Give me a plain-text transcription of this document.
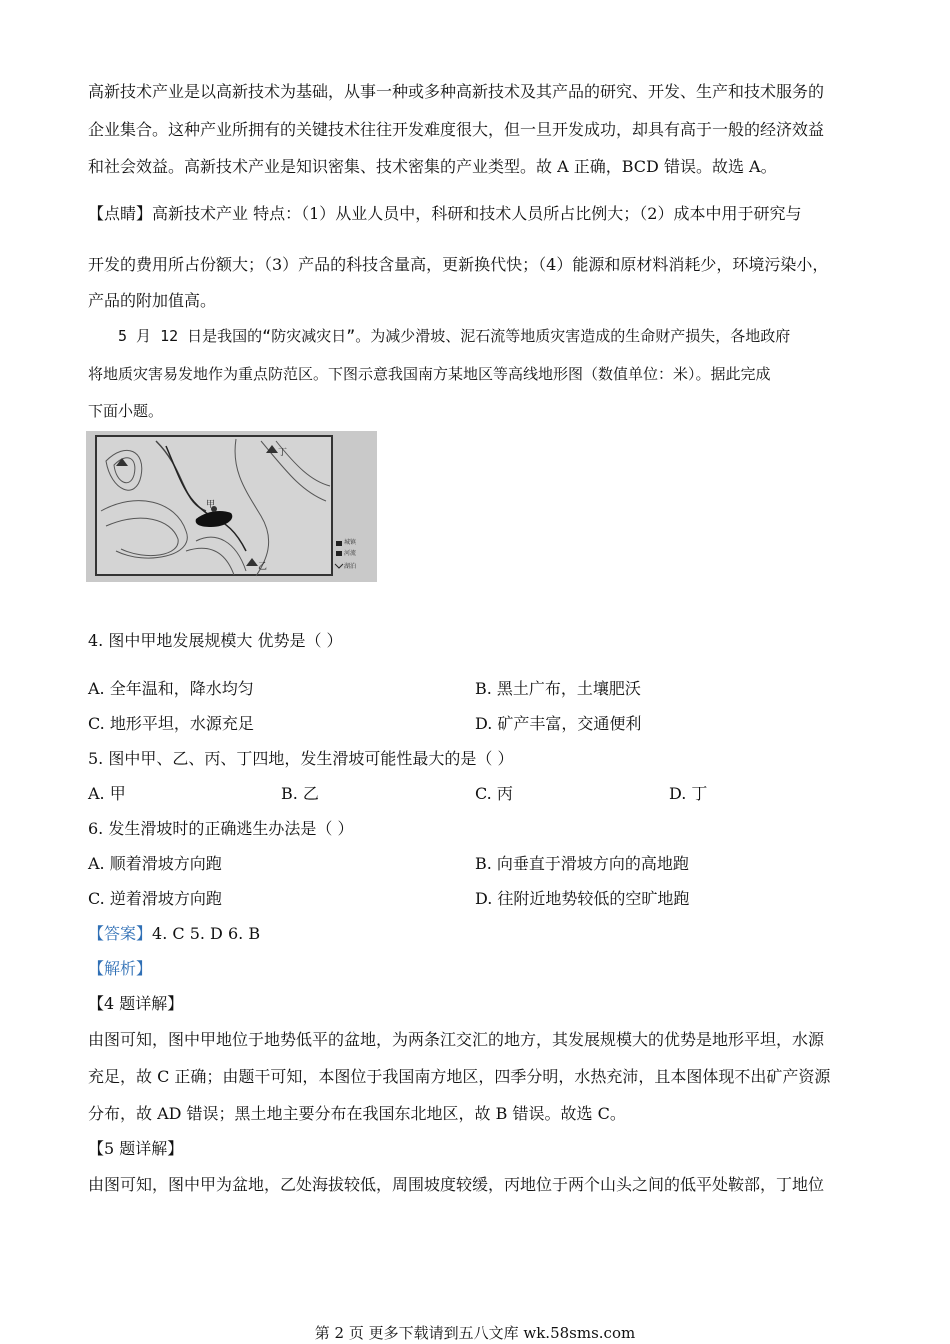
高新技术产业是以高新技术为基础，从事一种或多种高新技术及其产品的研究、开发、生产和技术服务的
企业集合。这种产业所拥有的关键技术往往开发难度很大，但一旦开发成功，却具有高于一般的经济效益
和社会效益。高新技术产业是知识密集、技术密集的产业类型。故 A 正确，BCD 错误。故选 A。
【点睛】高新技术产业 特点：（1）从业人员中，科研和技术人员所占比例大；（2）成本中用于研究与
开发的费用所占份额大；（3）产品的科技含量高，更新换代快；（4）能源和原材料消耗少，环境污染小，
产品的附加值高。
5 月 12 日是我国的“防灾减灾日”。为减少滑坡、泥石流等地质灾害造成的生命财产损失，各地政府
将地质灾害易发地作为重点防范区。下图示意我国南方某地区等高线地形图（数值单位：米）。据此完成
下面小题。
甲
丁
乙
城镇
河流
湖泊
4. 图中甲地发展规模大 优势是（ ）
A. 全年温和，降水均匀	B. 黑土广布，土壤肥沃
C. 地形平坦，水源充足	D. 矿产丰富，交通便利
5. 图中甲、乙、丙、丁四地，发生滑坡可能性最大的是（ ）
A. 甲	B. 乙	C. 丙	D. 丁
6. 发生滑坡时的正确逃生办法是（ ）
A. 顺着滑坡方向跑	B. 向垂直于滑坡方向的高地跑
C. 逆着滑坡方向跑	D. 往附近地势较低的空旷地跑
【答案】4. C 5. D 6. B
【解析】
【4 题详解】
由图可知，图中甲地位于地势低平的盆地，为两条江交汇的地方，其发展规模大的优势是地形平坦，水源
充足，故 C 正确；由题干可知，本图位于我国南方地区，四季分明，水热充沛，且本图体现不出矿产资源
分布，故 AD 错误；黑土地主要分布在我国东北地区，故 B 错误。故选 C。
【5 题详解】
由图可知，图中甲为盆地，乙处海拔较低，周围坡度较缓，丙地位于两个山头之间的低平处鞍部，丁地位
第 2 页 更多下载请到五八文库 wk.58sms.com
